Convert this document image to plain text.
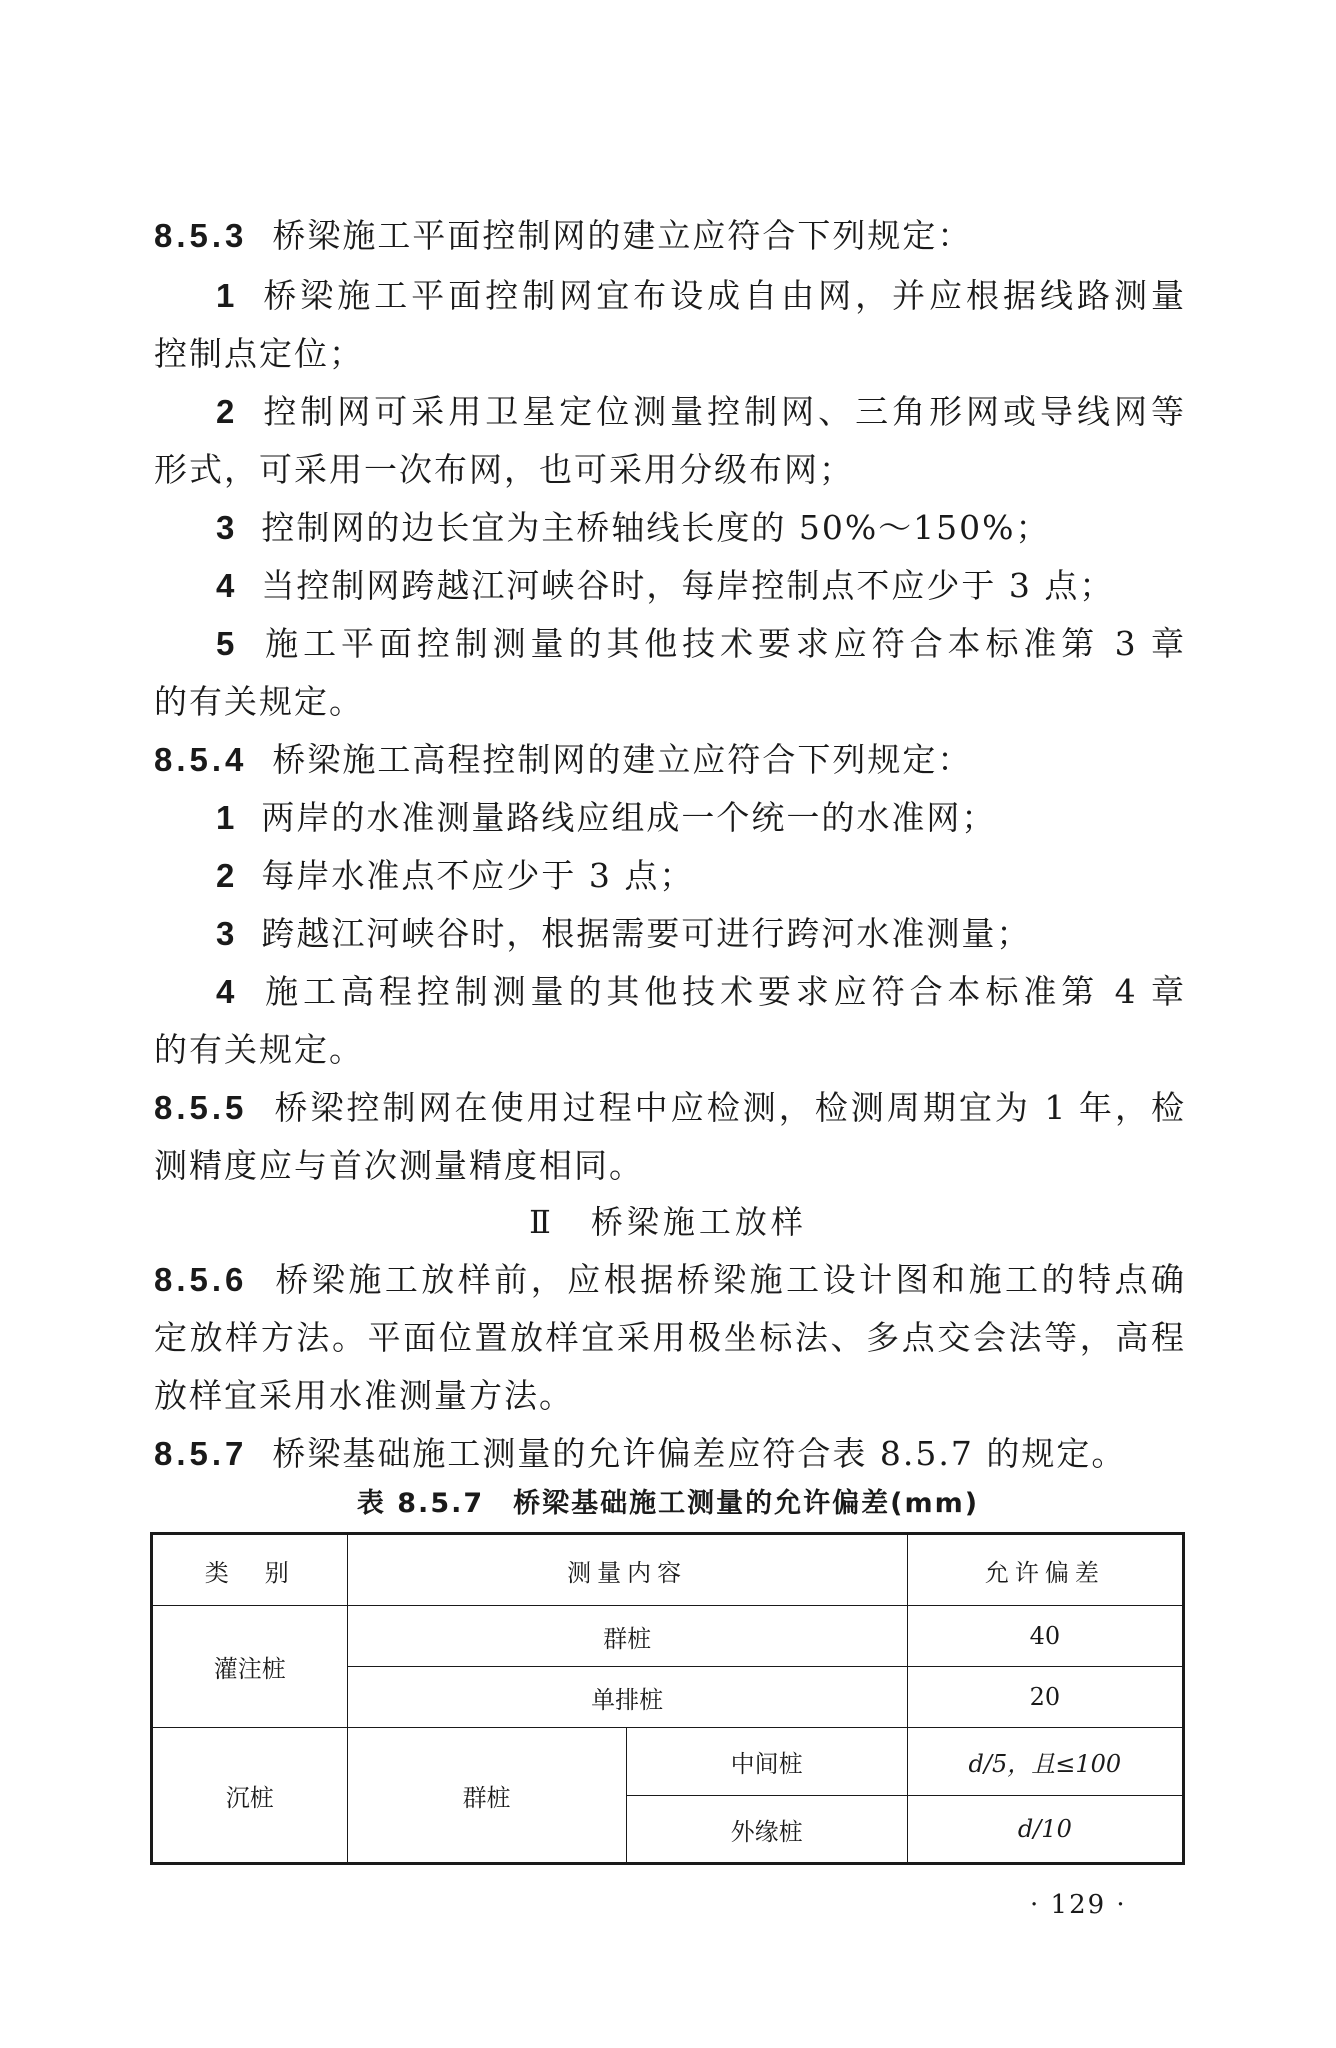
8.5.3 桥梁施工平面控制网的建立应符合下列规定：
1 桥梁施工平面控制网宜布设成自由网，并应根据线路测量
控制点定位；
2 控制网可采用卫星定位测量控制网、三角形网或导线网等
形式，可采用一次布网，也可采用分级布网；
3 控制网的边长宜为主桥轴线长度的 50%～150%；
4 当控制网跨越江河峡谷时，每岸控制点不应少于 3 点；
5 施工平面控制测量的其他技术要求应符合本标准第 3 章
的有关规定。
8.5.4 桥梁施工高程控制网的建立应符合下列规定：
1 两岸的水准测量路线应组成一个统一的水准网；
2 每岸水准点不应少于 3 点；
3 跨越江河峡谷时，根据需要可进行跨河水准测量；
4 施工高程控制测量的其他技术要求应符合本标准第 4 章
的有关规定。
8.5.5 桥梁控制网在使用过程中应检测，检测周期宜为 1 年，检
测精度应与首次测量精度相同。
Ⅱ　桥梁施工放样
8.5.6 桥梁施工放样前，应根据桥梁施工设计图和施工的特点确
定放样方法。平面位置放样宜采用极坐标法、多点交会法等，高程
放样宜采用水准测量方法。
8.5.7 桥梁基础施工测量的允许偏差应符合表 8.5.7 的规定。
表 8.5.7　桥梁基础施工测量的允许偏差(mm)
类　别	测量内容		允许偏差
灌注桩	群桩		40
	单排桩		20
沉桩	群桩	中间桩	d/5，且≤100
		外缘桩	d/10
· 129 ·
